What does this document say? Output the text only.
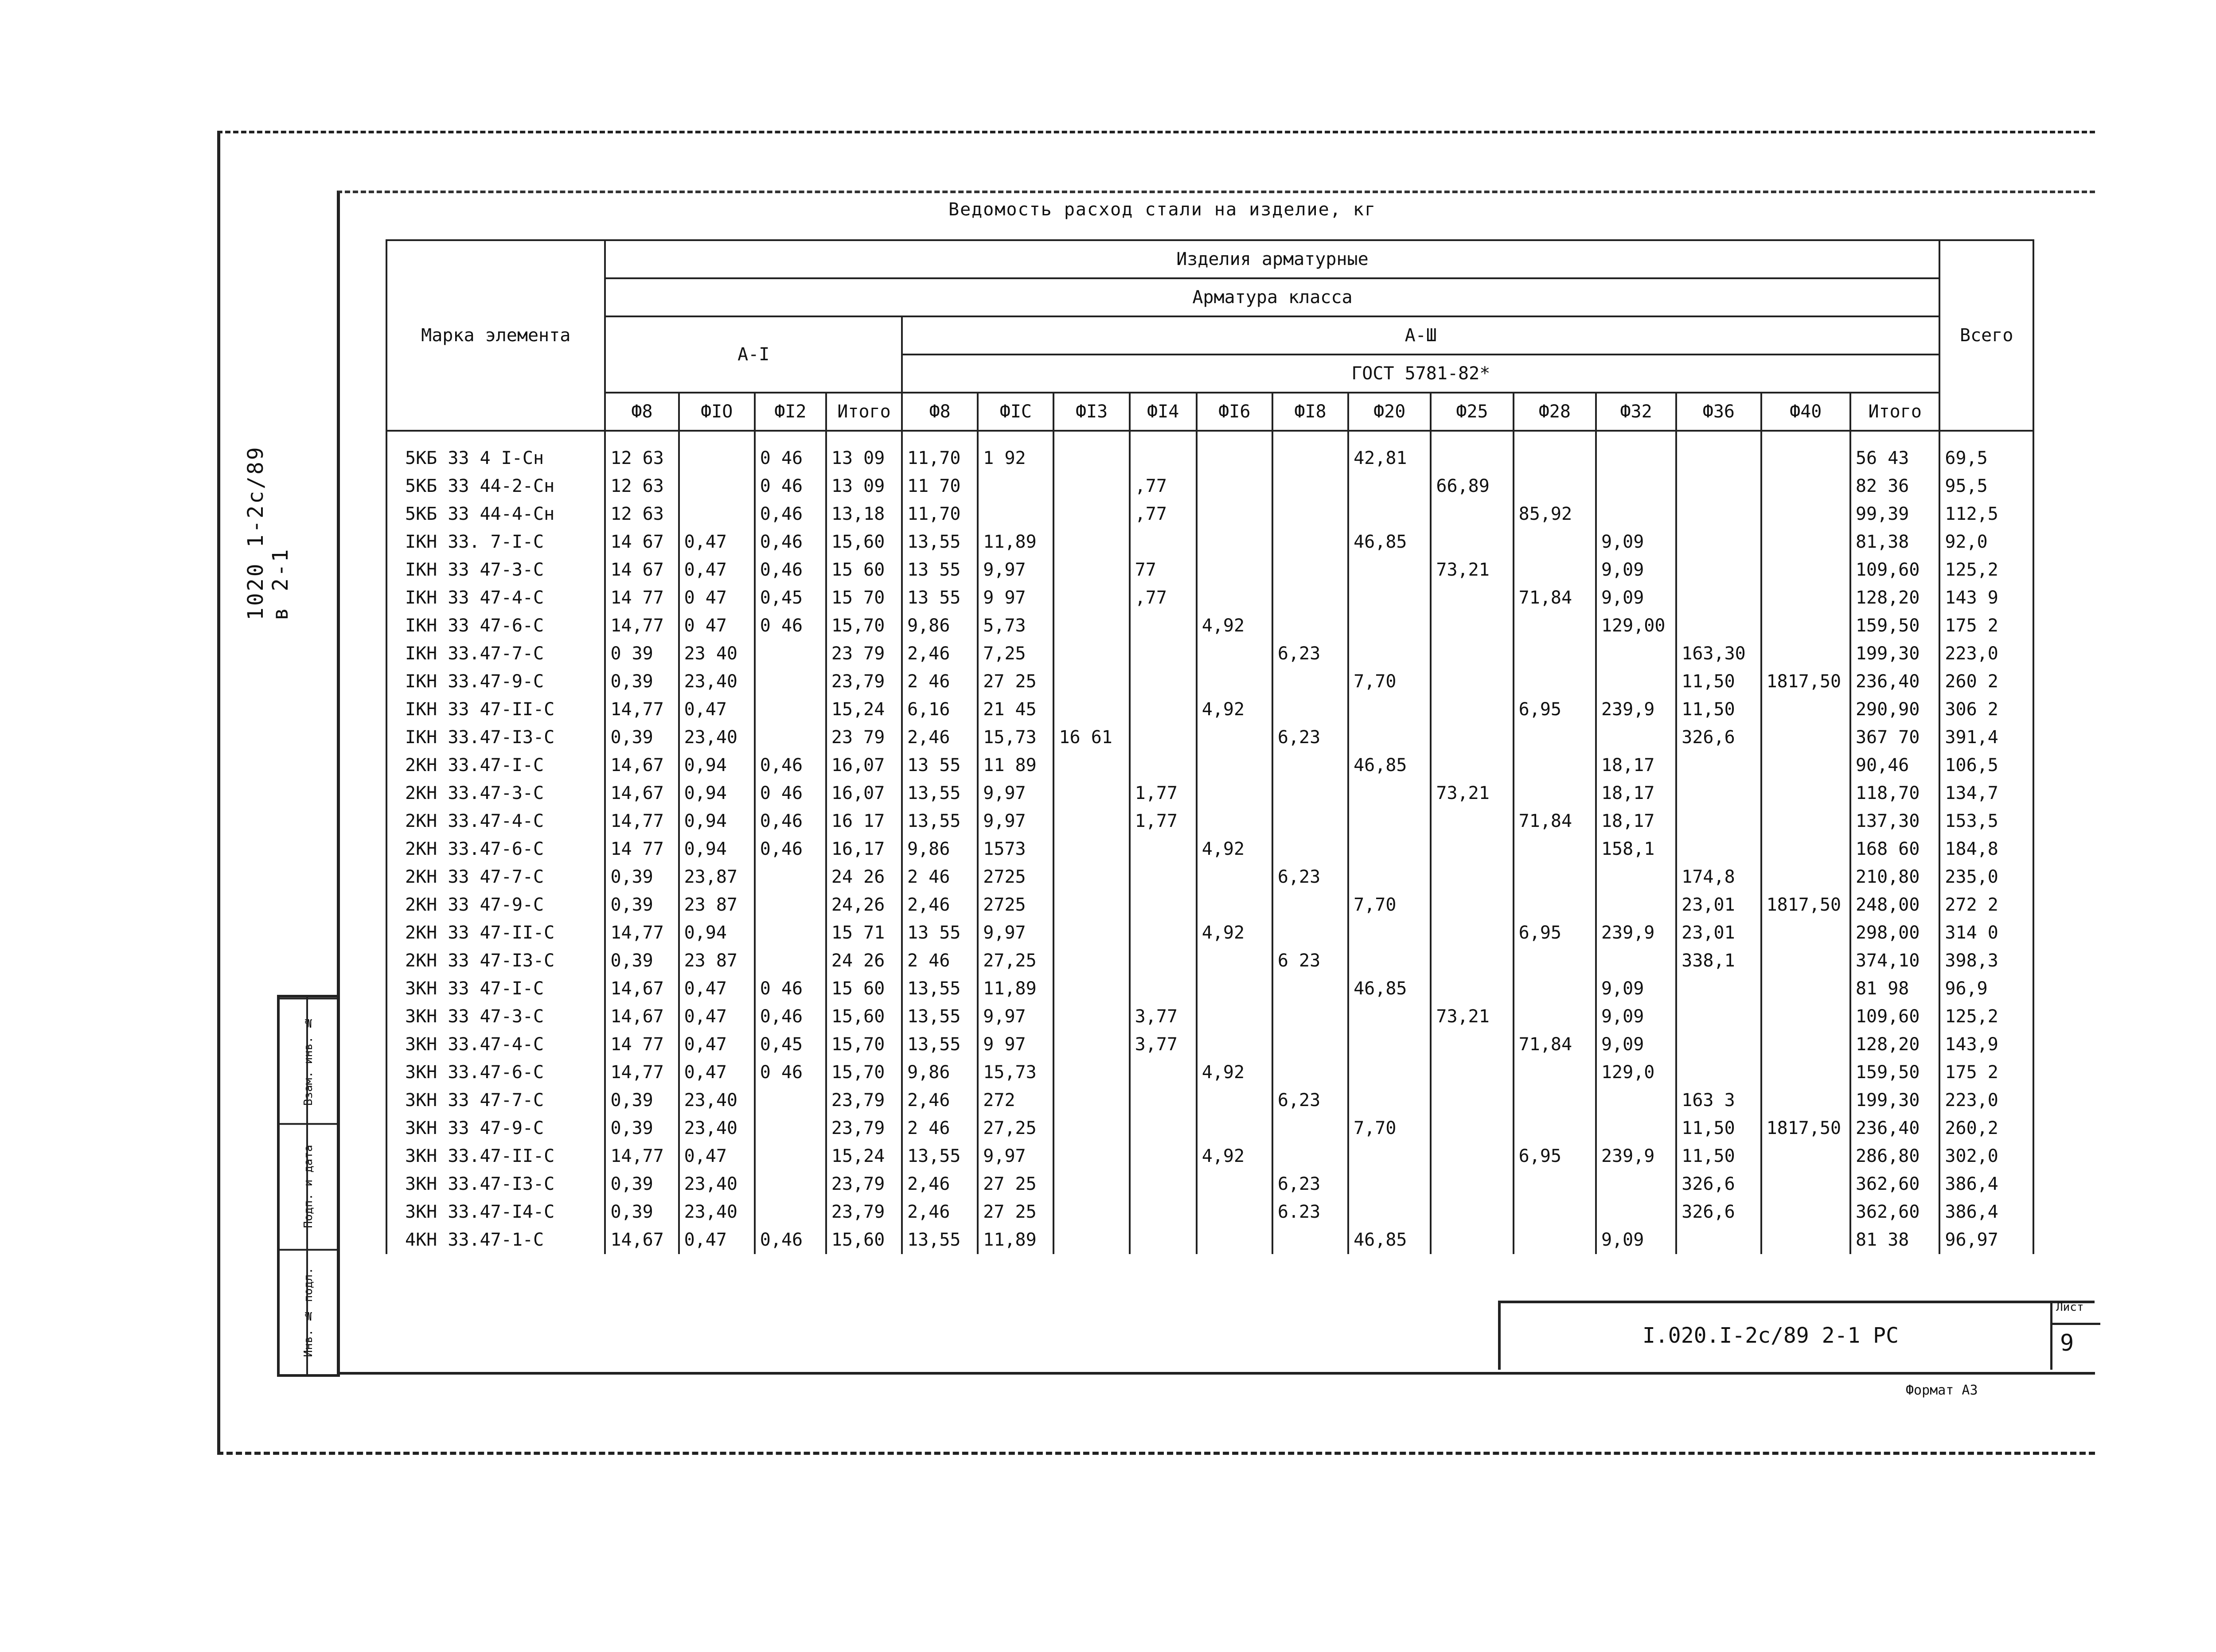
1020 1-2с/89 в 2-1
Взам. инв. №
Подп. и дата
Инв. № подл.
Ведомость расход стали на изделие, кг
Марка элемента	Изделия арматурные																	Всего
	Арматура класса																	
	А-I				А-Ш													
					ГОСТ 5781-82*													
	Ф8	ФIО	ФI2	Итого	Ф8	ФIС	ФI3	ФI4	ФI6	ФI8	Ф20	Ф25	Ф28	Ф32	Ф36	Ф40	Итого	
5КБ 33 4 I-Сн	12 63		0 46	13 09	11,70	1 92					42,81						56 43	69,5
5КБ 33 44-2-Сн	12 63		0 46	13 09	11 70			,77				66,89					82 36	95,5
5КБ 33 44-4-Сн	12 63		0,46	13,18	11,70			,77					85,92				99,39	112,5
ІКН 33. 7-I-С	14 67	0,47	0,46	15,60	13,55	11,89					46,85			9,09			81,38	92,0
ІКН 33 47-3-С	14 67	0,47	0,46	15 60	13 55	9,97		77				73,21		9,09			109,60	125,2
ІКН 33 47-4-С	14 77	0 47	0,45	15 70	13 55	9 97		,77					71,84	9,09			128,20	143 9
ІКН 33 47-6-С	14,77	0 47	0 46	15,70	9,86	5,73			4,92					129,00			159,50	175 2
ІКН 33.47-7-С	0 39	23 40		23 79	2,46	7,25				6,23					163,30		199,30	223,0
ІКН 33.47-9-С	0,39	23,40		23,79	2 46	27 25					7,70				11,50	1817,50	236,40	260 2
ІКН 33 47-II-С	14,77	0,47		15,24	6,16	21 45			4,92				6,95	239,9	11,50		290,90	306 2
ІКН 33.47-I3-С	0,39	23,40		23 79	2,46	15,73	16 61			6,23					326,6		367 70	391,4
2КН 33.47-I-С	14,67	0,94	0,46	16,07	13 55	11 89					46,85			18,17			90,46	106,5
2КН 33.47-3-С	14,67	0,94	0 46	16,07	13,55	9,97		1,77				73,21		18,17			118,70	134,7
2КН 33.47-4-С	14,77	0,94	0,46	16 17	13,55	9,97		1,77					71,84	18,17			137,30	153,5
2КН 33.47-6-С	14 77	0,94	0,46	16,17	9,86	1573			4,92					158,1			168 60	184,8
2КН 33 47-7-С	0,39	23,87		24 26	2 46	2725				6,23					174,8		210,80	235,0
2КН 33 47-9-С	0,39	23 87		24,26	2,46	2725					7,70				23,01	1817,50	248,00	272 2
2КН 33 47-II-С	14,77	0,94		15 71	13 55	9,97			4,92				6,95	239,9	23,01		298,00	314 0
2КН 33 47-I3-С	0,39	23 87		24 26	2 46	27,25				6 23					338,1		374,10	398,3
3КН 33 47-I-С	14,67	0,47	0 46	15 60	13,55	11,89					46,85			9,09			81 98	96,9
3КН 33 47-3-С	14,67	0,47	0,46	15,60	13,55	9,97		3,77				73,21		9,09			109,60	125,2
3КН 33.47-4-С	14 77	0,47	0,45	15,70	13,55	9 97		3,77					71,84	9,09			128,20	143,9
3КН 33.47-6-С	14,77	0,47	0 46	15,70	9,86	15,73			4,92					129,0			159,50	175 2
3КН 33 47-7-С	0,39	23,40		23,79	2,46	272				6,23					163 3		199,30	223,0
3КН 33 47-9-С	0,39	23,40		23,79	2 46	27,25					7,70				11,50	1817,50	236,40	260,2
3КН 33.47-II-С	14,77	0,47		15,24	13,55	9,97			4,92				6,95	239,9	11,50		286,80	302,0
3КН 33.47-I3-С	0,39	23,40		23,79	2,46	27 25				6,23					326,6		362,60	386,4
3КН 33.47-I4-С	0,39	23,40		23,79	2,46	27 25				6.23					326,6		362,60	386,4
4КН 33.47-1-С	14,67	0,47	0,46	15,60	13,55	11,89					46,85			9,09			81 38	96,97
I.020.I-2с/89 2-1 РС
Лист
9
Формат А3
